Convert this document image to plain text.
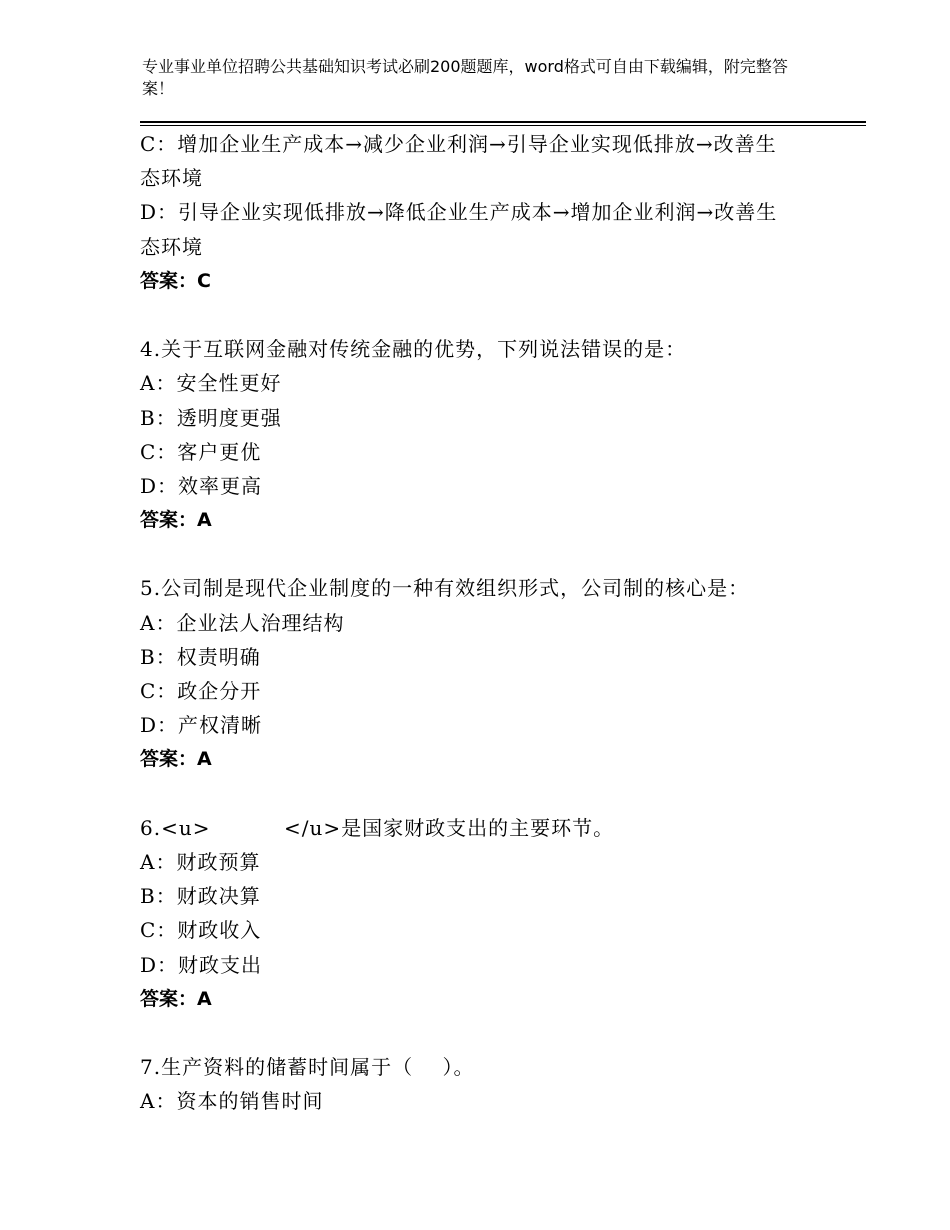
专业事业单位招聘公共基础知识考试必刷200题题库，word格式可自由下载编辑，附完整答案！
C：增加企业生产成本→减少企业利润→引导企业实现低排放→改善生
态环境
D：引导企业实现低排放→降低企业生产成本→增加企业利润→改善生
态环境
答案：C
4.关于互联网金融对传统金融的优势，下列说法错误的是：
A：安全性更好
B：透明度更强
C：客户更优
D：效率更高
答案：A
5.公司制是现代企业制度的一种有效组织形式，公司制的核心是：
A：企业法人治理结构
B：权责明确
C：政企分开
D：产权清晰
答案：A
6.<u>          </u>是国家财政支出的主要环节。
A：财政预算
B：财政决算
C：财政收入
D：财政支出
答案：A
7.生产资料的储蓄时间属于（    ）。
A：资本的销售时间
